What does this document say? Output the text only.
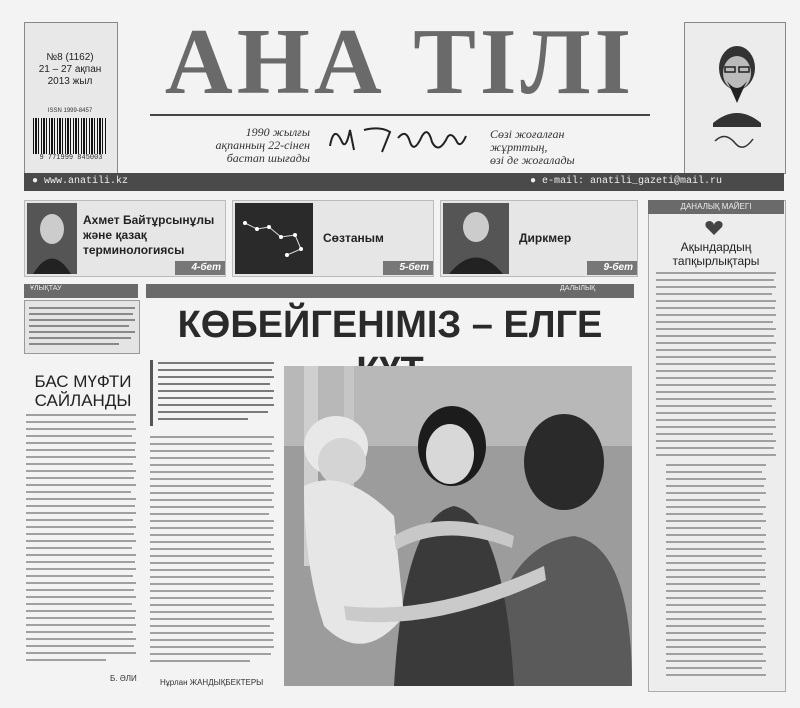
№8 (1162)
21 – 27 ақпан
2013 жыл
ISSN 1999-8457
9 771999 845003
АНА ТІЛІ
1990 жылғы
ақпанның 22-сінен
бастап шығады
Сөзі жоғалған
жұрттың,
өзі де жоғалады
● www.anatili.kz	● e-mail: anatili_gazeti@mail.ru
Ахмет Байтұрсынұлы
және қазақ
терминологиясы
4-бет
Сөзтаным
5-бет
Диркмер
9-бет
ДАНАЛЫҚ МАЙЕГІ
Ақындардың
тапқырлықтары
ҰЛЫҚТАУ
БАС МҮФТИ
САЙЛАНДЫ
Б. ӘЛИ
ДАЛЫЛЫҚ
КӨБЕЙГЕНІМІЗ – ЕЛГЕ
Нұрлан ЖАНДЫҚБЕКТЕРЫ
